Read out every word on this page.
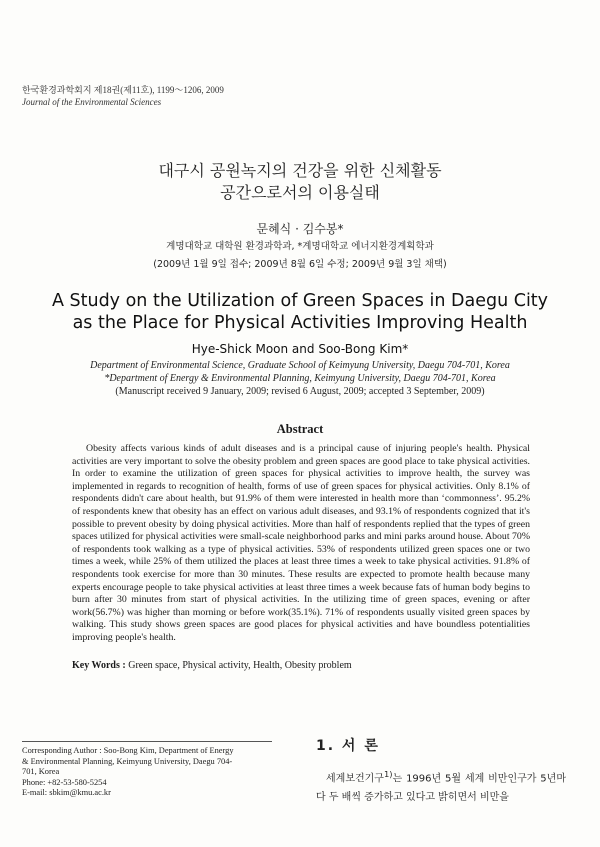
한국환경과학회지 제18권(제11호), 1199～1206, 2009
Journal of the Environmental Sciences
대구시 공원녹지의 건강을 위한 신체활동
공간으로서의 이용실태
문혜식 · 김수봉*
계명대학교 대학원 환경과학과, *계명대학교 에너지환경계획학과
(2009년 1월 9일 접수; 2009년 8월 6일 수정; 2009년 9월 3일 채택)
A Study on the Utilization of Green Spaces in Daegu City
as the Place for Physical Activities Improving Health
Hye-Shick Moon and Soo-Bong Kim*
Department of Environmental Science, Graduate School of Keimyung University, Daegu 704-701, Korea
*Department of Energy & Environmental Planning, Keimyung University, Daegu 704-701, Korea
(Manuscript received 9 January, 2009; revised 6 August, 2009; accepted 3 September, 2009)
Abstract

Obesity affects various kinds of adult diseases and is a principal cause of injuring people's health. Physical activities are very important to solve the obesity problem and green spaces are good place to take physical activities. In order to examine the utilization of green spaces for physical activities to improve health, the survey was implemented in regards to recognition of health, forms of use of green spaces for physical activities. Only 8.1% of respondents didn't care about health, but 91.9% of them were interested in health more than ‘commonness’. 95.2% of respondents knew that obesity has an effect on various adult diseases, and 93.1% of respondents cognized that it's possible to prevent obesity by doing physical activities. More than half of respondents replied that the types of green spaces utilized for physical activities were small-scale neighborhood parks and mini parks around house. About 70% of respondents took walking as a type of physical activities. 53% of respondents utilized green spaces one or two times a week, while 25% of them utilized the places at least three times a week to take physical activities. 91.8% of respondents took exercise for more than 30 minutes. These results are expected to promote health because many experts encourage people to take physical activities at least three times a week because fats of human body begins to burn after 30 minutes from start of physical activities. In the utilizing time of green spaces, evening or after work(56.7%) was higher than morning or before work(35.1%). 71% of respondents usually visited green spaces by walking. This study shows green spaces are good places for physical activities and have boundless potentialities improving people's health.

Key Words : Green space, Physical activity, Health, Obesity problem
Corresponding Author : Soo-Bong Kim, Department of Energy
& Environmental Planning, Keimyung University, Daegu 704-
701, Korea
Phone: +82-53-580-5254
E-mail: sbkim@kmu.ac.kr
1. 서 론

세계보건기구$^{1)}$는 1996년 5월 세계 비만인구가 5년마다 두 배씩 증가하고 있다고 밝히면서 비만을
